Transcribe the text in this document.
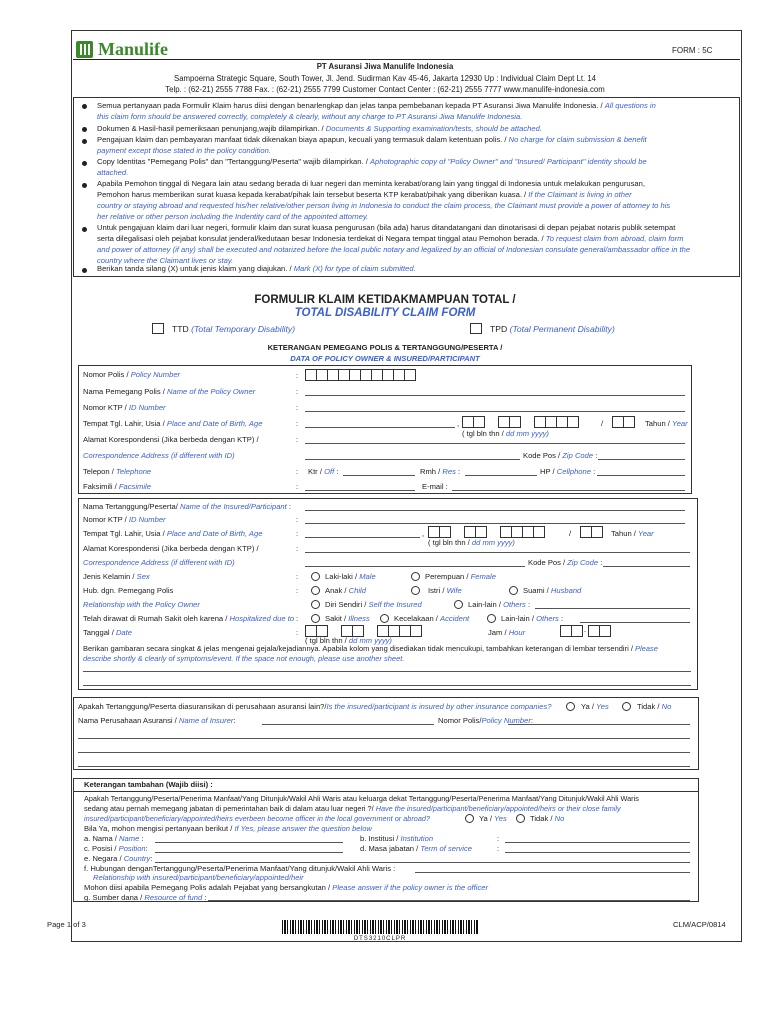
Manulife	FORM : 5C
PT Asuransi Jiwa Manulife Indonesia
Sampoerna Strategic Square, South Tower, Jl. Jend. Sudirman Kav 45-46, Jakarta 12930 Up : Individual Claim Dept Lt. 14
Telp. : (62-21) 2555 7788 Fax. : (62-21) 2555 7799 Customer Contact Center : (62-21) 2555 7777 www.manulife-indonesia.com
Semua pertanyaan pada Formulir Klaim harus diisi dengan benarlengkap dan jelas tanpa pembebanan kepada PT Asuransi Jiwa Manulife Indonesia. / All questions in
this claim form should be answered correctly, completely & clearly, without any charge to PT Asuransi Jiwa Manulife Indonesia.
Dokumen & Hasil-hasil pemeriksaan penunjang,wajib dilampirkan. / Documents & Supporting examination/tests, should be attached.
Pengajuan klaim dan pembayaran manfaat tidak dikenakan biaya apapun, kecuali yang termasuk dalam ketentuan polis. / No charge for claim submission & benefit
payment except those stated in the policy condition.
Copy Identitas "Pemegang Polis" dan "Tertanggung/Peserta" wajib dilampirkan. / Aphotographic copy of "Policy Owner" and "Insured/ Participant" identity should be
attached.
Apabila Pemohon tinggal di Negara lain atau sedang berada di luar negeri dan meminta kerabat/orang lain yang tinggal di Indonesia untuk melakukan pengurusan,
Pemohon harus memberikan surat kuasa kepada kerabat/pihak lain tersebut beserta KTP kerabat/pihak yang diberikan kuasa. / If the Claimant is living in other
country or staying abroad and requested his/her relative/other person living in Indonesia to conduct the claim process, the Claimant must provide a power of attorney to his
her relative or other person including the Indentity card of the appointed attorney.
Untuk pengajuan klaim dari luar negeri, formulir klaim dan surat kuasa pengurusan (bila ada) harus ditandatangani dan dinotarisasi di depan pejabat notaris publik setempat
serta dilegalisasi oleh pejabat konsulat jenderal/kedutaan besar Indonesia terdekat di Negara tempat tinggal atau Pemohon berada. / To request claim from abroad, claim form
and power of attorney (if any) shall be executed and notarized before the local public notary and legalized by an official of Indonesian consulate general/ambassador office in the
country where the Claimant lives or stay.
Berikan tanda silang (X) untuk jenis klaim yang diajukan. / Mark (X) for type of claim submitted.
FORMULIR KLAIM KETIDAKMAMPUAN TOTAL /
TOTAL DISABILITY CLAIM FORM
TTD (Total Temporary Disability)	TPD (Total Permanent Disability)
KETERANGAN PEMEGANG POLIS & TERTANGGUNG/PESERTA /
DATA OF POLICY OWNER & INSURED/PARTICIPANT
Nomor Polis / Policy Number	:
Nama Pemegang Polis / Name of the Policy Owner	:
Nomor KTP / ID Number	:
Tempat Tgl. Lahir, Usia / Place and Date of Birth, Age	:	,	/	Tahun / Year
( tgl bln thn / dd mm yyyy)
Alamat Korespondensi (Jika berbeda dengan KTP) /	:
Correspondence Address (if different with ID)	Kode Pos / Zip Code :
Telepon / Telephone	: Ktr / Off :	Rmh / Res :	HP / Cellphone :
Faksimili / Facsimile	:	E-mail :
Nama Tertanggung/Peserta/ Name of the Insured/Participant :
Nomor KTP / ID Number	:
Tempat Tgl. Lahir, Usia / Place and Date of Birth, Age	:	,	/	Tahun / Year
( tgl bln thn / dd mm yyyy)
Alamat Korespondensi (Jika berbeda dengan KTP) /	:
Correspondence Address (if different with ID)	Kode Pos / Zip Code :
Jenis Kelamin / Sex	:	Laki-laki / Male	Perempuan / Female
Hub. dgn. Pemegang Polis	:	Anak / Child	Istri / Wife	Suami / Husband
Relationship with the Policy Owner	Diri Sendiri / Self the Insured	Lain-lain / Others :
Telah dirawat di Rumah Sakit oleh karena / Hospitalized due to :	Sakit / Illness	Kecelakaan / Accident	Lain-lain / Others :
Tanggal / Date	:
( tgl bln thn / dd mm yyyy)
Jam / Hour	.
Berikan gambaran secara singkat & jelas mengenai gejala/kejadiannya. Apabila kolom yang disediakan tidak mencukupi, tambahkan keterangan di lembar tersendiri / Please
describe shortly & clearly of symptoms/event. If the space not enough, please use another sheet.
Apakah Tertanggung/Peserta diasuransikan di perusahaan asuransi lain?/Is the insured/participant is insured by other insurance companies?	Ya / Yes	Tidak / No
Nama Perusahaan Asuransi / Name of Insurer:	Nomor Polis/Policy Number:
Keterangan tambahan (Wajib diisi) :
Apakah Tertanggung/Peserta/Penerima Manfaat/Yang Ditunjuk/Wakil Ahli Waris atau keluarga dekat Tertanggung/Peserta/Penerima Manfaat/Yang Ditunjuk/Wakil Ahli Waris
sedang atau pernah memegang jabatan di pemerintahan baik di dalam atau luar negeri ?/ Have the insured/participant/beneficiary/appointed/heirs or their close family
insured/participant/beneficiary/appointed/heirs everbeen become officer in the local government or abroad?	Ya / Yes	Tidak / No
Bila Ya, mohon mengisi pertanyaan berikut / If Yes, please answer the question below
a. Nama / Name :	b. Institusi / Institution	:
c. Posisi / Position:	d. Masa jabatan / Term of service	:
e. Negara / Country:
f. Hubungan denganTertanggung/Peserta/Penerima Manfaat/Yang ditunjuk/Wakil Ahli Waris :
Relationship with insured/participant/beneficiary/appointed/heir
Mohon diisi apabila Pemegang Polis adalah Pejabat yang bersangkutan / Please answer if the policy owner is the officer
g. Sumber dana / Resource of fund :
Page 1 of 3	CLM/ACP/0814
DTS3210CLPR
